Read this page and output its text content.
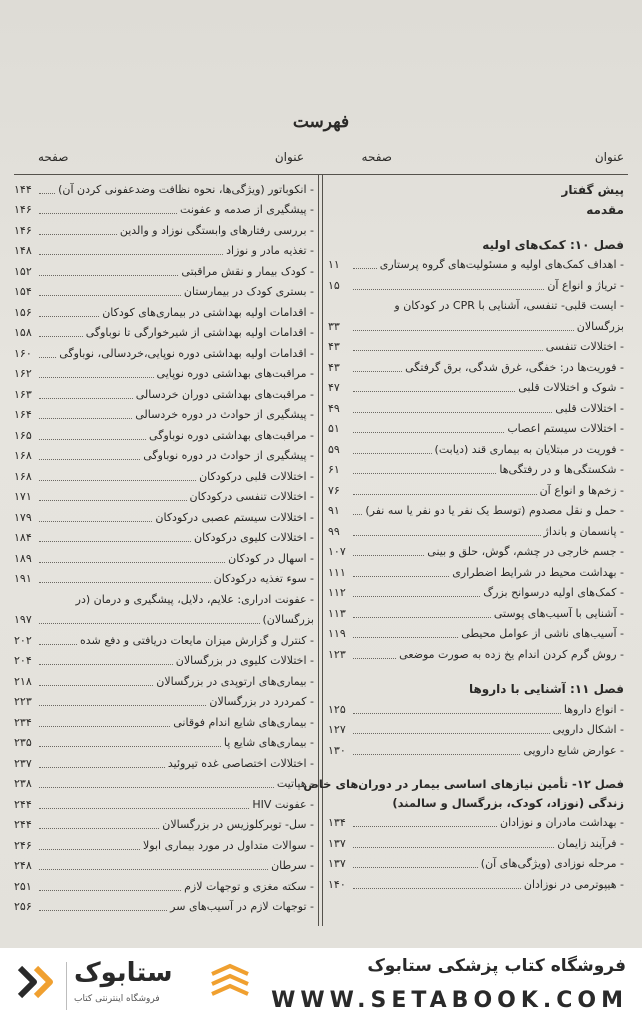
فهرست
عنوان
صفحه
عنوان
صفحه
پیش گفتار
مقدمه
فصل ۱۰: کمک‌های اولیه
- اهداف کمک‌های اولیه و مسئولیت‌های گروه پرستاری
۱۱
- تریاژ و انواع آن
۱۵
- ایست قلبی- تنفسی، آشنایی با CPR در کودکان و
بزرگسالان
۳۳
- اختلالات تنفسی
۴۳
- فوریت‌ها در: خفگی، غرق شدگی، برق گرفتگی
۴۳
- شوک و اختلالات قلبی
۴۷
- اختلالات قلبی
۴۹
- اختلالات سیستم اعصاب
۵۱
- فوریت در مبتلایان به بیماری قند (دیابت)
۵۹
- شکستگی‌ها و در رفتگی‌ها
۶۱
- زخم‌ها و انواع آن
۷۶
- حمل و نقل مصدوم (توسط یک نفر یا دو نفر یا سه نفر)
۹۱
- پانسمان و بانداژ
۹۹
- جسم خارجی در چشم، گوش، حلق و بینی
۱۰۷
- بهداشت محیط در شرایط اضطراری
۱۱۱
- کمک‌های اولیه درسوانح بزرگ
۱۱۲
- آشنایی با آسیب‌های پوستی
۱۱۳
- آسیب‌های ناشی از عوامل محیطی
۱۱۹
- روش گرم کردن اندام یخ زده به صورت موضعی
۱۲۳
فصل ۱۱: آشنایی با داروها
- انواع داروها
۱۲۵
- اشکال دارویی
۱۲۷
- عوارض شایع دارویی
۱۳۰
فصل ۱۲- تأمین نیازهای اساسی بیمار در دوران‌های خاص
زندگی (نوزاد، کودک، بزرگسال و سالمند)
- بهداشت مادران و نوزادان
۱۳۴
- فرآیند زایمان
۱۳۷
- مرحله نوزادی (ویژگی‌های آن)
۱۳۷
- هیپوترمی در نوزادان
۱۴۰
- انکوباتور (ویژگی‌ها، نحوه نظافت وضدعفونی کردن آن)
۱۴۴
- پیشگیری از صدمه و عفونت
۱۴۶
- بررسی رفتارهای وابستگی نوزاد و والدین
۱۴۶
- تغذیه مادر و نوزاد
۱۴۸
- کودک بیمار و نقش مراقبتی
۱۵۲
- بستری کودک در بیمارستان
۱۵۴
- اقدامات اولیه بهداشتی در بیماری‌های کودکان
۱۵۶
- اقدامات اولیه بهداشتی از شیرخوارگی تا نوباوگی
۱۵۸
- اقدامات اولیه بهداشتی دوره نوپایی،خردسالی، نوباوگی
۱۶۰
- مراقبت‌های بهداشتی دوره نوپایی
۱۶۲
- مراقبت‌های بهداشتی دوران خردسالی
۱۶۳
- پیشگیری از حوادث در دوره خردسالی
۱۶۴
- مراقبت‌های بهداشتی دوره نوباوگی
۱۶۵
- پیشگیری از حوادث در دوره نوباوگی
۱۶۸
- اختلالات قلبی درکودکان
۱۶۸
- اختلالات تنفسی درکودکان
۱۷۱
- اختلالات سیستم عصبی درکودکان
۱۷۹
- اختلالات کلیوی درکودکان
۱۸۴
- اسهال در کودکان
۱۸۹
- سوء تغذیه درکودکان
۱۹۱
- عفونت ادراری: علایم، دلایل، پیشگیری و درمان (در
بزرگسالان)
۱۹۷
- کنترل و گزارش میزان مایعات دریافتی و دفع شده
۲۰۲
- اختلالات کلیوی در بزرگسالان
۲۰۴
- بیماری‌های ارتوپدی در بزرگسالان
۲۱۸
- کمردرد در بزرگسالان
۲۲۳
- بیماری‌های شایع اندام فوقانی
۲۳۴
- بیماری‌های شایع پا
۲۳۵
- اختلالات اختصاصی غده تیروئید
۲۳۷
- هپاتیت
۲۳۸
- عفونت HIV
۲۴۴
- سل- توبرکلوزیس در بزرگسالان
۲۴۴
- سوالات متداول در مورد بیماری ابولا
۲۴۶
- سرطان
۲۴۸
- سکته مغزی و توجهات لازم
۲۵۱
- توجهات لازم در آسیب‌های سر
۲۵۶
ستابوک
فروشگاه اینترنتی کتاب
فروشگاه کتاب پزشکی ستابوک
WWW.SETABOOK.COM
